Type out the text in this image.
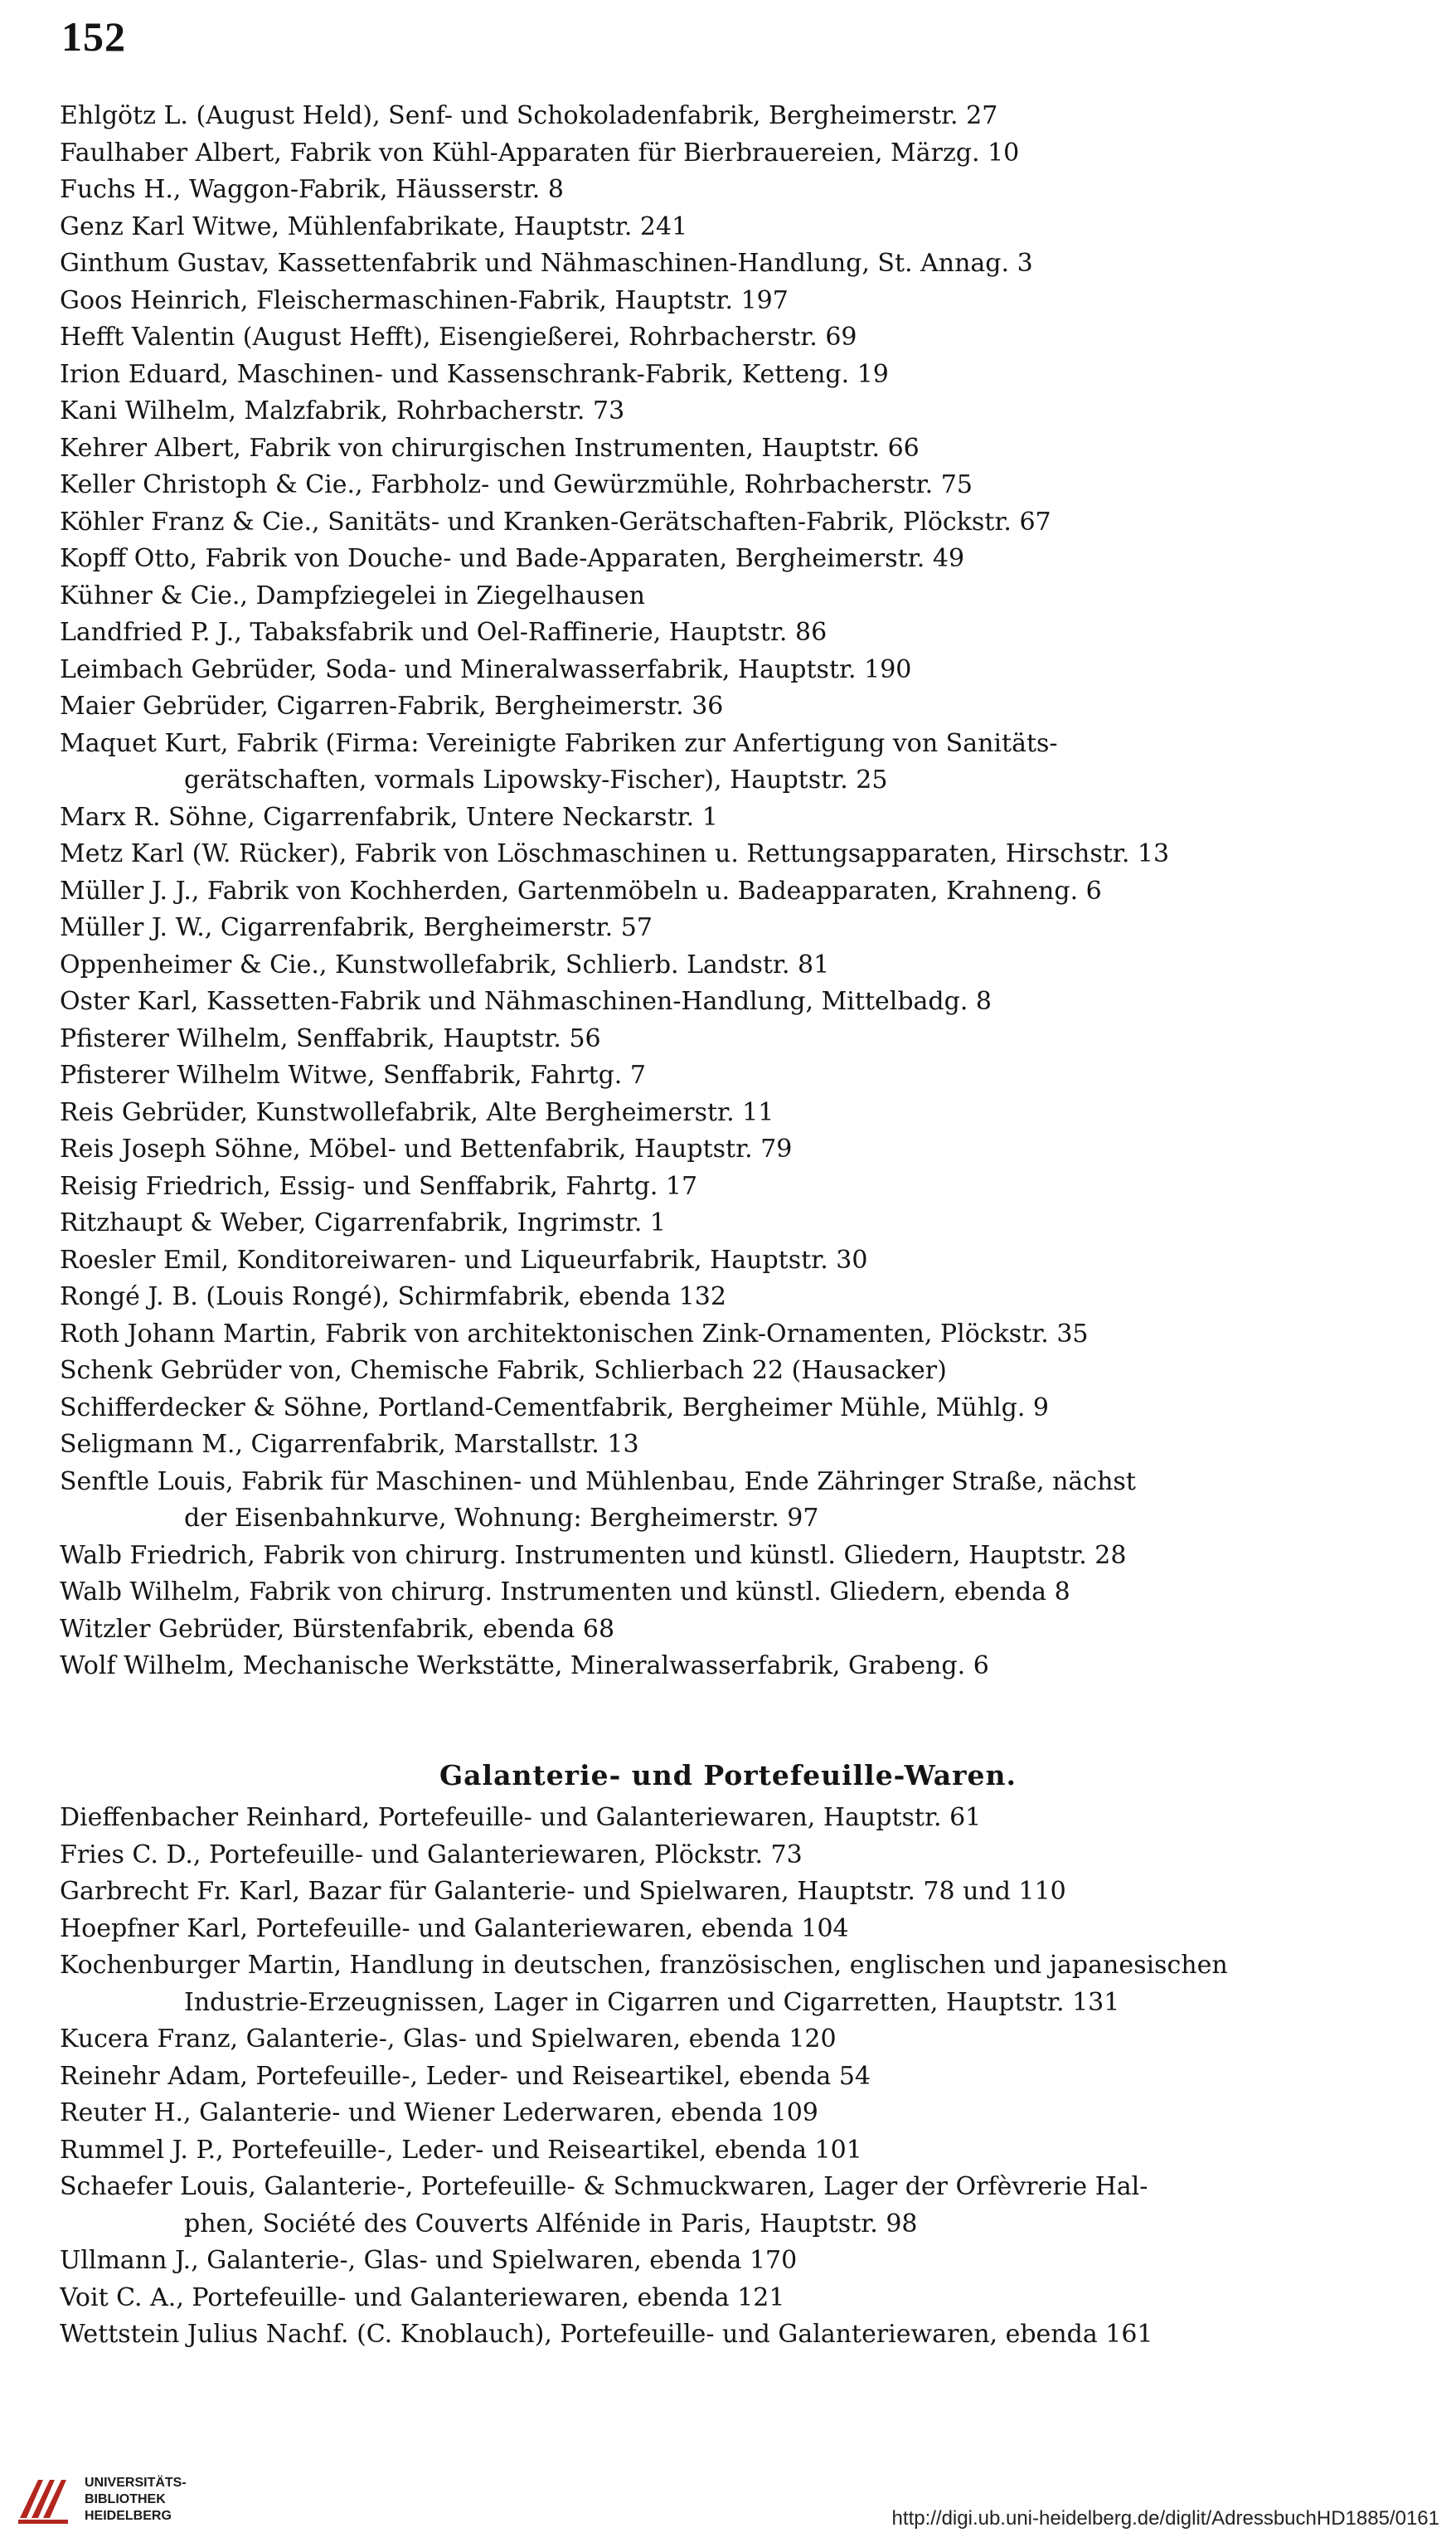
152
Ehlgötz L. (August Held), Senf- und Schokoladenfabrik, Bergheimerstr. 27
Faulhaber Albert, Fabrik von Kühl-Apparaten für Bierbrauereien, Märzg. 10
Fuchs H., Waggon-Fabrik, Häusserstr. 8
Genz Karl Witwe, Mühlenfabrikate, Hauptstr. 241
Ginthum Gustav, Kassettenfabrik und Nähmaschinen-Handlung, St. Annag. 3
Goos Heinrich, Fleischermaschinen-Fabrik, Hauptstr. 197
Hefft Valentin (August Hefft), Eisengießerei, Rohrbacherstr. 69
Irion Eduard, Maschinen- und Kassenschrank-Fabrik, Ketteng. 19
Kani Wilhelm, Malzfabrik, Rohrbacherstr. 73
Kehrer Albert, Fabrik von chirurgischen Instrumenten, Hauptstr. 66
Keller Christoph & Cie., Farbholz- und Gewürzmühle, Rohrbacherstr. 75
Köhler Franz & Cie., Sanitäts- und Kranken-Gerätschaften-Fabrik, Plöckstr. 67
Kopff Otto, Fabrik von Douche- und Bade-Apparaten, Bergheimerstr. 49
Kühner & Cie., Dampfziegelei in Ziegelhausen
Landfried P. J., Tabaksfabrik und Oel-Raffinerie, Hauptstr. 86
Leimbach Gebrüder, Soda- und Mineralwasserfabrik, Hauptstr. 190
Maier Gebrüder, Cigarren-Fabrik, Bergheimerstr. 36
Maquet Kurt, Fabrik (Firma: Vereinigte Fabriken zur Anfertigung von Sanitäts-
gerätschaften, vormals Lipowsky-Fischer), Hauptstr. 25
Marx R. Söhne, Cigarrenfabrik, Untere Neckarstr. 1
Metz Karl (W. Rücker), Fabrik von Löschmaschinen u. Rettungsapparaten, Hirschstr. 13
Müller J. J., Fabrik von Kochherden, Gartenmöbeln u. Badeapparaten, Krahneng. 6
Müller J. W., Cigarrenfabrik, Bergheimerstr. 57
Oppenheimer & Cie., Kunstwollefabrik, Schlierb. Landstr. 81
Oster Karl, Kassetten-Fabrik und Nähmaschinen-Handlung, Mittelbadg. 8
Pfisterer Wilhelm, Senffabrik, Hauptstr. 56
Pfisterer Wilhelm Witwe, Senffabrik, Fahrtg. 7
Reis Gebrüder, Kunstwollefabrik, Alte Bergheimerstr. 11
Reis Joseph Söhne, Möbel- und Bettenfabrik, Hauptstr. 79
Reisig Friedrich, Essig- und Senffabrik, Fahrtg. 17
Ritzhaupt & Weber, Cigarrenfabrik, Ingrimstr. 1
Roesler Emil, Konditoreiwaren- und Liqueurfabrik, Hauptstr. 30
Rongé J. B. (Louis Rongé), Schirmfabrik, ebenda 132
Roth Johann Martin, Fabrik von architektonischen Zink-Ornamenten, Plöckstr. 35
Schenk Gebrüder von, Chemische Fabrik, Schlierbach 22 (Hausacker)
Schifferdecker & Söhne, Portland-Cementfabrik, Bergheimer Mühle, Mühlg. 9
Seligmann M., Cigarrenfabrik, Marstallstr. 13
Senftle Louis, Fabrik für Maschinen- und Mühlenbau, Ende Zähringer Straße, nächst
der Eisenbahnkurve, Wohnung: Bergheimerstr. 97
Walb Friedrich, Fabrik von chirurg. Instrumenten und künstl. Gliedern, Hauptstr. 28
Walb Wilhelm, Fabrik von chirurg. Instrumenten und künstl. Gliedern, ebenda 8
Witzler Gebrüder, Bürstenfabrik, ebenda 68
Wolf Wilhelm, Mechanische Werkstätte, Mineralwasserfabrik, Grabeng. 6
Galanterie- und Portefeuille-Waren.
Dieffenbacher Reinhard, Portefeuille- und Galanteriewaren, Hauptstr. 61
Fries C. D., Portefeuille- und Galanteriewaren, Plöckstr. 73
Garbrecht Fr. Karl, Bazar für Galanterie- und Spielwaren, Hauptstr. 78 und 110
Hoepfner Karl, Portefeuille- und Galanteriewaren, ebenda 104
Kochenburger Martin, Handlung in deutschen, französischen, englischen und japanesischen
Industrie-Erzeugnissen, Lager in Cigarren und Cigarretten, Hauptstr. 131
Kucera Franz, Galanterie-, Glas- und Spielwaren, ebenda 120
Reinehr Adam, Portefeuille-, Leder- und Reiseartikel, ebenda 54
Reuter H., Galanterie- und Wiener Lederwaren, ebenda 109
Rummel J. P., Portefeuille-, Leder- und Reiseartikel, ebenda 101
Schaefer Louis, Galanterie-, Portefeuille- & Schmuckwaren, Lager der Orfèvrerie Hal-
phen, Société des Couverts Alfénide in Paris, Hauptstr. 98
Ullmann J., Galanterie-, Glas- und Spielwaren, ebenda 170
Voit C. A., Portefeuille- und Galanteriewaren, ebenda 121
Wettstein Julius Nachf. (C. Knoblauch), Portefeuille- und Galanteriewaren, ebenda 161
UNIVERSITÄTS-
BIBLIOTHEK
HEIDELBERG	http://digi.ub.uni-heidelberg.de/diglit/AdressbuchHD1885/0161
